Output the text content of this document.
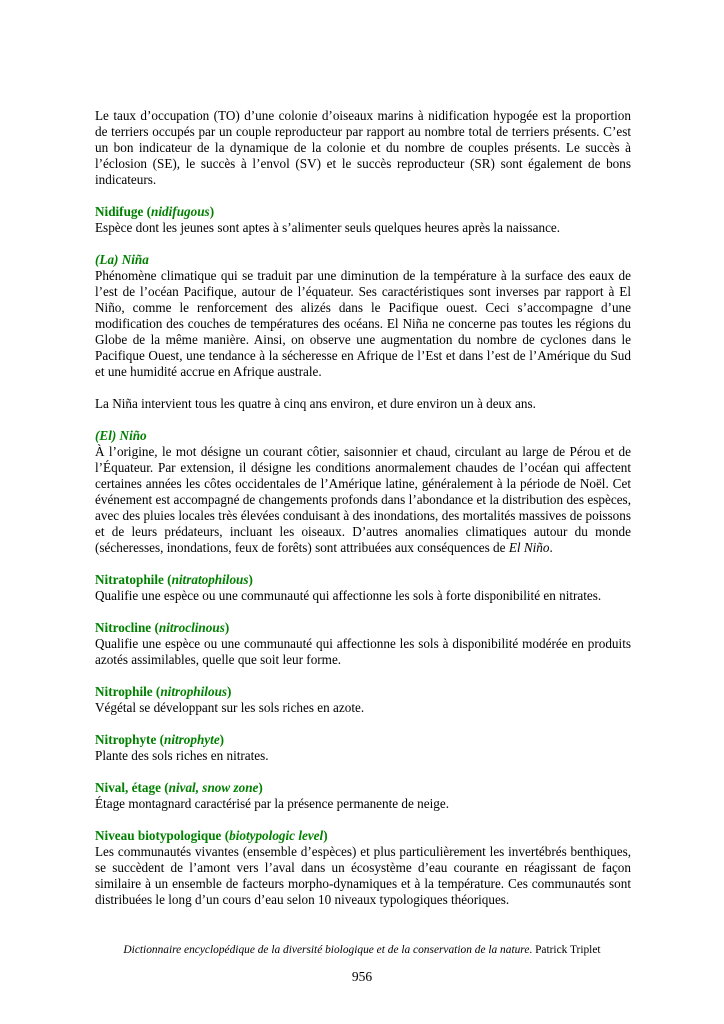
Le taux d’occupation (TO) d’une colonie d’oiseaux marins à nidification hypogée est la proportion de terriers occupés par un couple reproducteur par rapport au nombre total de terriers présents. C’est un bon indicateur de la dynamique de la colonie et du nombre de couples présents. Le succès à l’éclosion (SE), le succès à l’envol (SV) et le succès reproducteur (SR) sont également de bons indicateurs.

Nidifuge (nidifugous)

Espèce dont les jeunes sont aptes à s’alimenter seuls quelques heures après la naissance.

(La) Niña

Phénomène climatique qui se traduit par une diminution de la température à la surface des eaux de l’est de l’océan Pacifique, autour de l’équateur. Ses caractéristiques sont inverses par rapport à El Niño, comme le renforcement des alizés dans le Pacifique ouest. Ceci s’accompagne d’une modification des couches de températures des océans. El Niña ne concerne pas toutes les régions du Globe de la même manière. Ainsi, on observe une augmentation du nombre de cyclones dans le Pacifique Ouest, une tendance à la sécheresse en Afrique de l’Est et dans l’est de l’Amérique du Sud et une humidité accrue en Afrique australe.

La Niña intervient tous les quatre à cinq ans environ, et dure environ un à deux ans.

(El) Niño

À l’origine, le mot désigne un courant côtier, saisonnier et chaud, circulant au large de Pérou et de l’Équateur. Par extension, il désigne les conditions anormalement chaudes de l’océan qui affectent certaines années les côtes occidentales de l’Amérique latine, généralement à la période de Noël. Cet événement est accompagné de changements profonds dans l’abondance et la distribution des espèces, avec des pluies locales très élevées conduisant à des inondations, des mortalités massives de poissons et de leurs prédateurs, incluant les oiseaux. D’autres anomalies climatiques autour du monde (sécheresses, inondations, feux de forêts) sont attribuées aux conséquences de El Niño.

Nitratophile (nitratophilous)

Qualifie une espèce ou une communauté qui affectionne les sols à forte disponibilité en nitrates.

Nitrocline (nitroclinous)

Qualifie une espèce ou une communauté qui affectionne les sols à disponibilité modérée en produits azotés assimilables, quelle que soit leur forme.

Nitrophile (nitrophilous)

Végétal se développant sur les sols riches en azote.

Nitrophyte (nitrophyte)

Plante des sols riches en nitrates.

Nival, étage (nival, snow zone)

Étage montagnard caractérisé par la présence permanente de neige.

Niveau biotypologique (biotypologic level)

Les communautés vivantes (ensemble d’espèces) et plus particulièrement les invertébrés benthiques, se succèdent de l’amont vers l’aval dans un écosystème d’eau courante en réagissant de façon similaire à un ensemble de facteurs morpho-dynamiques et à la température. Ces communautés sont distribuées le long d’un cours d’eau selon 10 niveaux typologiques théoriques.

Dictionnaire encyclopédique de la diversité biologique et de la conservation de la nature. Patrick Triplet
956
